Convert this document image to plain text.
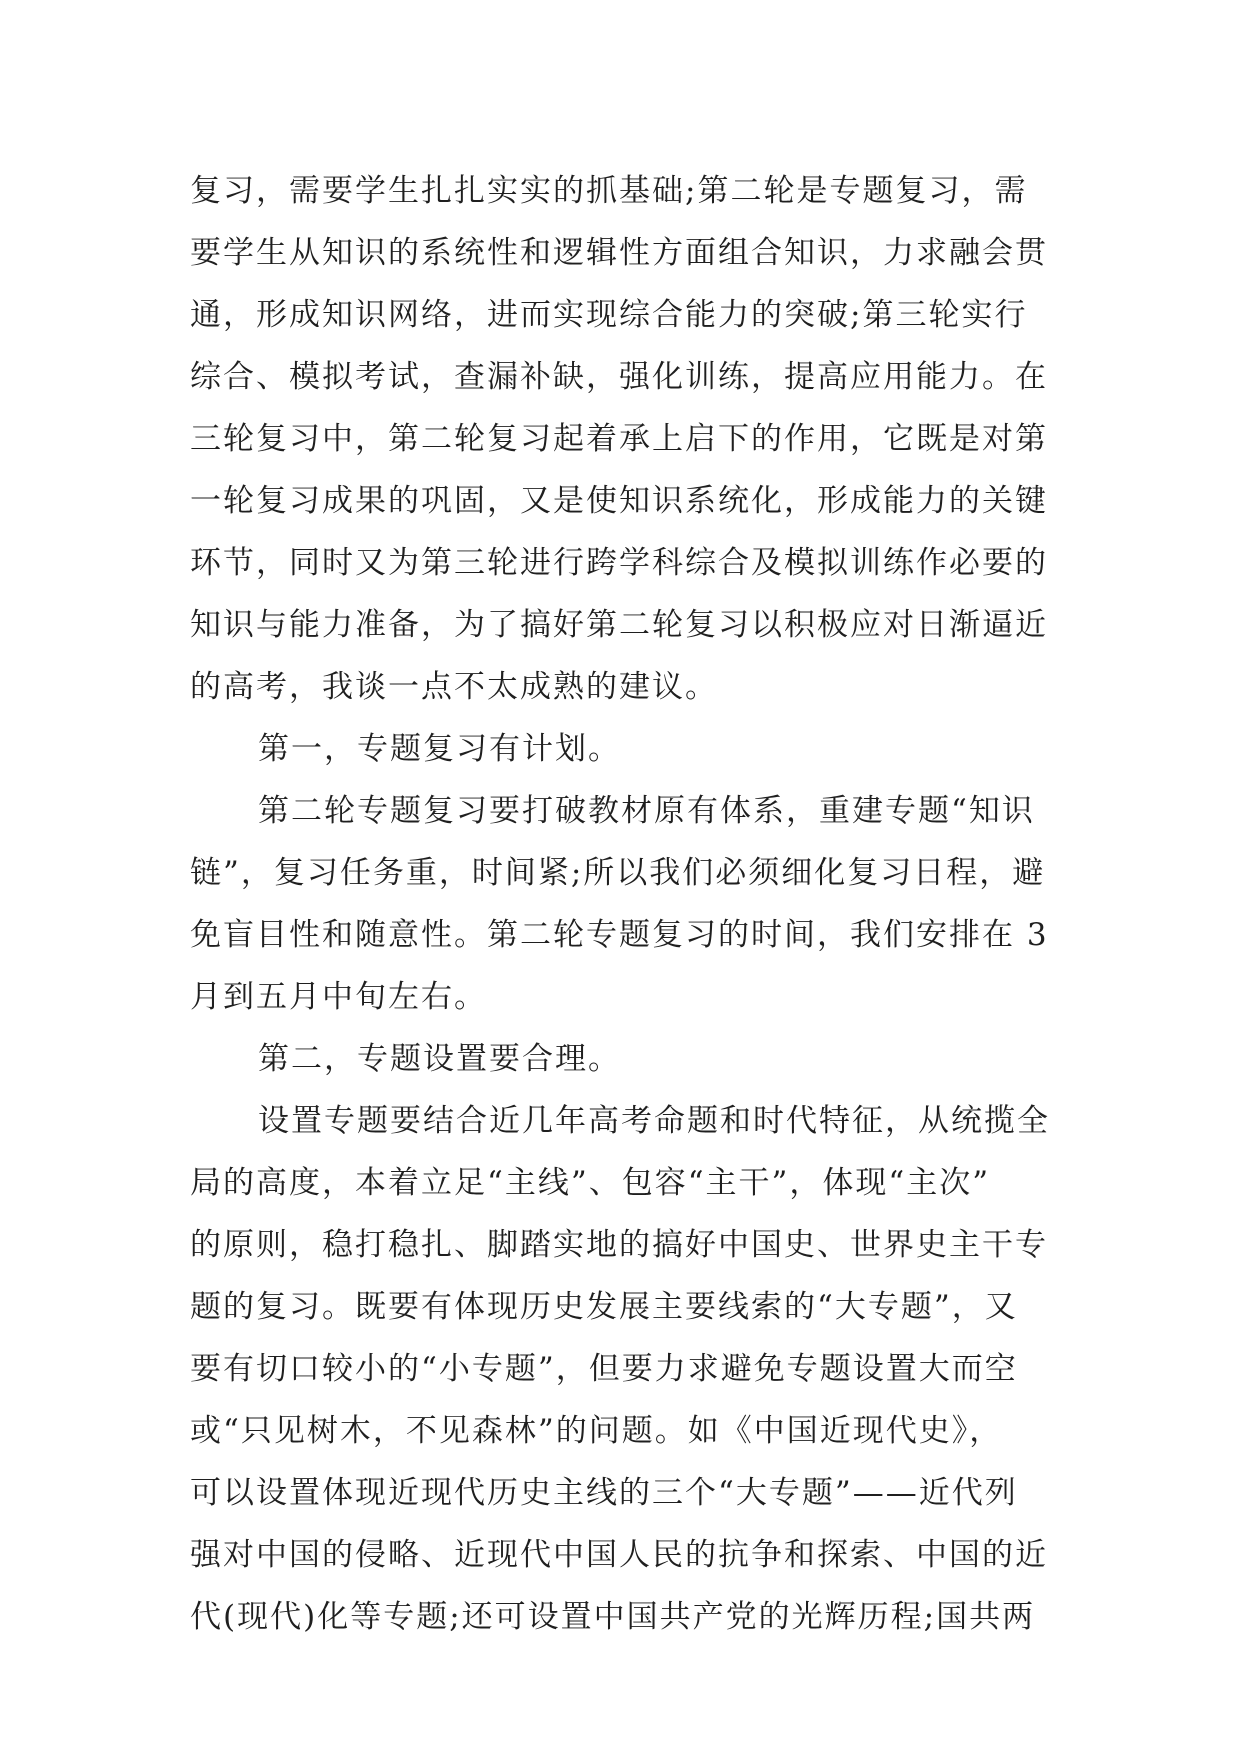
复习，需要学生扎扎实实的抓基础;第二轮是专题复习，需
要学生从知识的系统性和逻辑性方面组合知识，力求融会贯
通，形成知识网络，进而实现综合能力的突破;第三轮实行
综合、模拟考试，查漏补缺，强化训练，提高应用能力。在
三轮复习中，第二轮复习起着承上启下的作用，它既是对第
一轮复习成果的巩固，又是使知识系统化，形成能力的关键
环节，同时又为第三轮进行跨学科综合及模拟训练作必要的
知识与能力准备，为了搞好第二轮复习以积极应对日渐逼近
的高考，我谈一点不太成熟的建议。
第一，专题复习有计划。
第二轮专题复习要打破教材原有体系，重建专题“知识
链”，复习任务重，时间紧;所以我们必须细化复习日程，避
免盲目性和随意性。第二轮专题复习的时间，我们安排在 3
月到五月中旬左右。
第二，专题设置要合理。
设置专题要结合近几年高考命题和时代特征，从统揽全
局的高度，本着立足“主线”、包容“主干”，体现“主次”
的原则，稳打稳扎、脚踏实地的搞好中国史、世界史主干专
题的复习。既要有体现历史发展主要线索的“大专题”，又
要有切口较小的“小专题”，但要力求避免专题设置大而空
或“只见树木，不见森林”的问题。如《中国近现代史》，
可以设置体现近现代历史主线的三个“大专题”——近代列
强对中国的侵略、近现代中国人民的抗争和探索、中国的近
代(现代)化等专题;还可设置中国共产党的光辉历程;国共两
